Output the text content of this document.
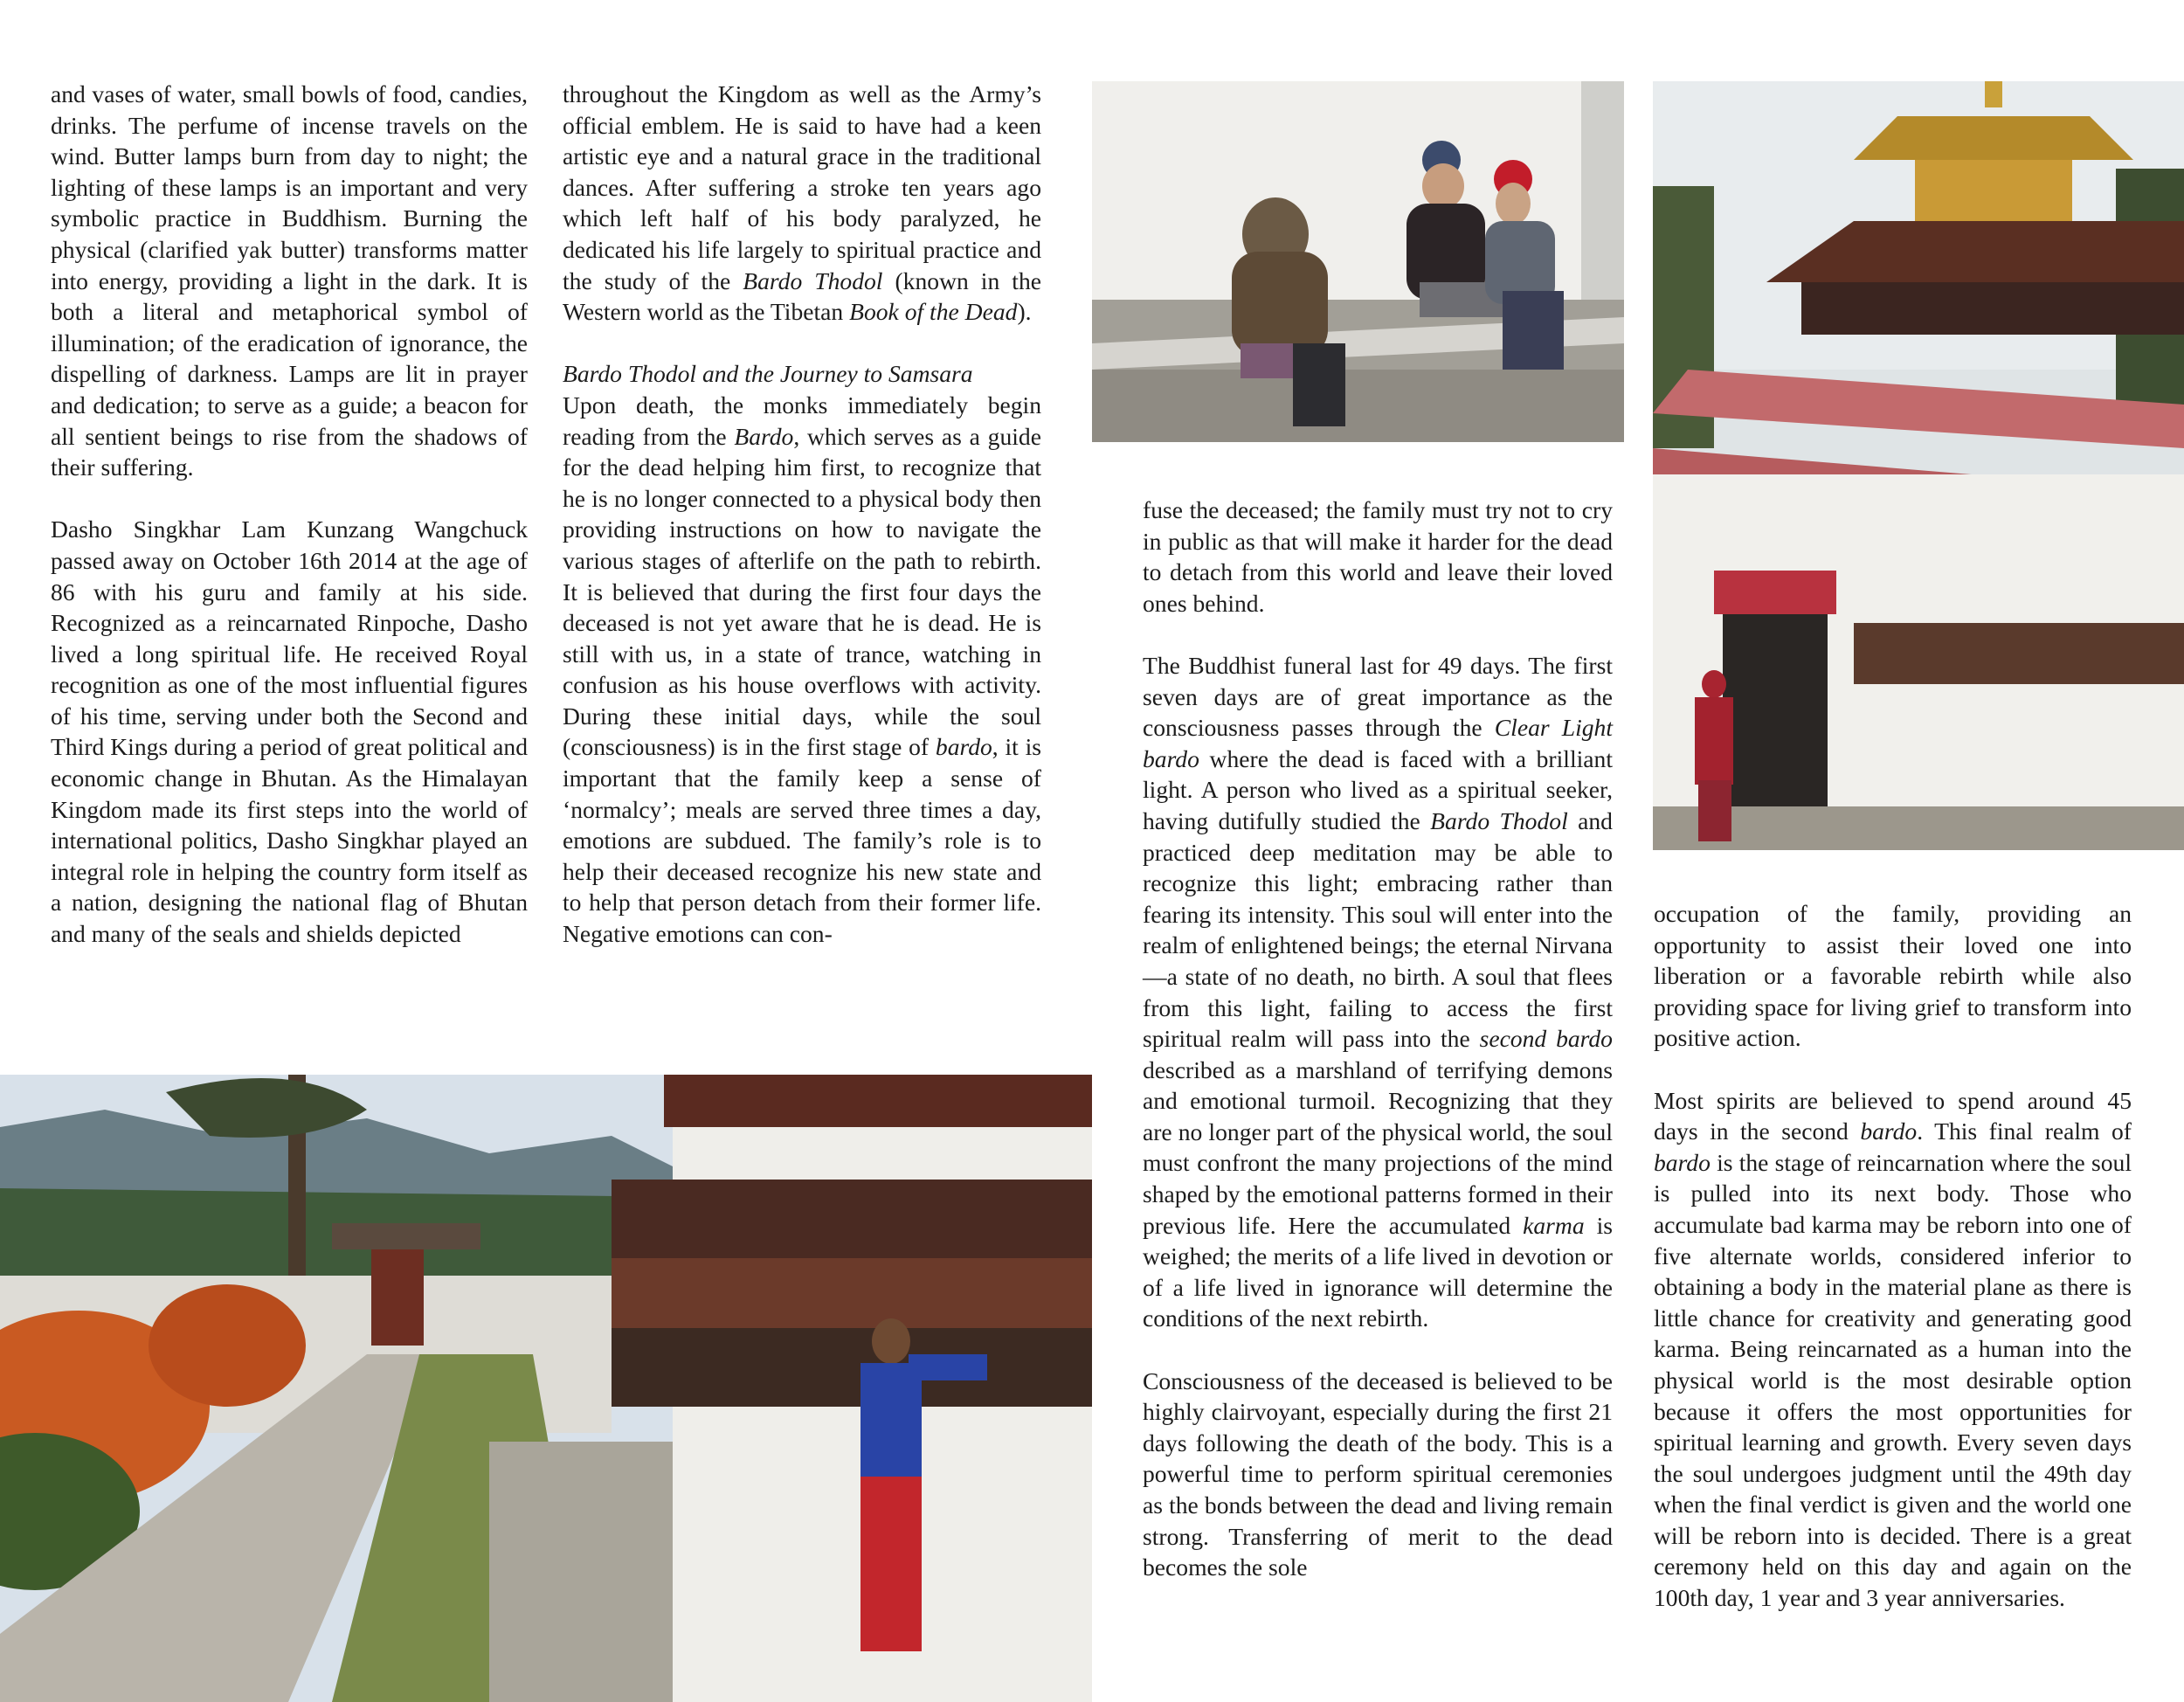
and vases of water, small bowls of food, candies, drinks. The perfume of incense travels on the wind. Butter lamps burn from day to night; the lighting of these lamps is an important and very symbolic practice in Buddhism. Burning the physical (clarified yak butter) transforms matter into energy, providing a light in the dark. It is both a literal and metaphorical symbol of illumination; of the eradication of ignorance, the dispelling of darkness. Lamps are lit in prayer and dedication; to serve as a guide; a beacon for all sentient beings to rise from the shadows of their suffering.

Dasho Singkhar Lam Kunzang Wangchuck passed away on October 16th 2014 at the age of 86 with his guru and family at his side. Recognized as a reincarnated Rinpoche, Dasho lived a long spiritual life. He received Royal recognition as one of the most influential figures of his time, serving under both the Second and Third Kings during a period of great political and economic change in Bhutan. As the Himalayan Kingdom made its first steps into the world of international politics, Dasho Singkhar played an integral role in helping the country form itself as a nation, designing the national flag of Bhutan and many of the seals and shields depicted

throughout the Kingdom as well as the Army’s official emblem. He is said to have had a keen artistic eye and a natural grace in the traditional dances. After suffering a stroke ten years ago which left half of his body paralyzed, he dedicated his life largely to spiritual practice and the study of the Bardo Thodol (known in the Western world as the Tibetan Book of the Dead).

Bardo Thodol and the Journey to Samsara

Upon death, the monks immediately begin reading from the Bardo, which serves as a guide for the dead helping him first, to recognize that he is no longer connected to a physical body then providing instructions on how to navigate the various stages of afterlife on the path to rebirth. It is believed that during the first four days the deceased is not yet aware that he is dead. He is still with us, in a state of trance, watching in confusion as his house overflows with activity. During these initial days, while the soul (consciousness) is in the first stage of bardo, it is important that the family keep a sense of ‘normalcy’; meals are served three times a day, emotions are subdued. The family’s role is to help their deceased recognize his new state and to help that person detach from their former life. Negative emotions can con-

fuse the deceased; the family must try not to cry in public as that will make it harder for the dead to detach from this world and leave their loved ones behind.

The Buddhist funeral last for 49 days. The first seven days are of great importance as the consciousness passes through the Clear Light bardo where the dead is faced with a brilliant light. A person who lived as a spiritual seeker, having dutifully studied the Bardo Thodol and practiced deep meditation may be able to recognize this light; embracing rather than fearing its intensity. This soul will enter into the realm of enlightened beings; the eternal Nirvana—a state of no death, no birth. A soul that flees from this light, failing to access the first spiritual realm will pass into the second bardo described as a marshland of terrifying demons and emotional turmoil. Recognizing that they are no longer part of the physical world, the soul must confront the many projections of the mind shaped by the emotional patterns formed in their previous life. Here the accumulated karma is weighed; the merits of a life lived in devotion or of a life lived in ignorance will determine the conditions of the next rebirth.

Consciousness of the deceased is believed to be highly clairvoyant, especially during the first 21 days following the death of the body. This is a powerful time to perform spiritual ceremonies as the bonds between the dead and living remain strong. Transferring of merit to the dead becomes the sole

occupation of the family, providing an opportunity to assist their loved one into liberation or a favorable rebirth while also providing space for living grief to transform into positive action.

Most spirits are believed to spend around 45 days in the second bardo. This final realm of bardo is the stage of reincarnation where the soul is pulled into its next body. Those who accumulate bad karma may be reborn into one of five alternate worlds, considered inferior to obtaining a body in the material plane as there is little chance for creativity and generating good karma. Being reincarnated as a human into the physical world is the most desirable option because it offers the most opportunities for spiritual learning and growth. Every seven days the soul undergoes judgment until the 49th day when the final verdict is given and the world one will be reborn into is decided. There is a great ceremony held on this day and again on the 100th day, 1 year and 3 year anniversaries.
